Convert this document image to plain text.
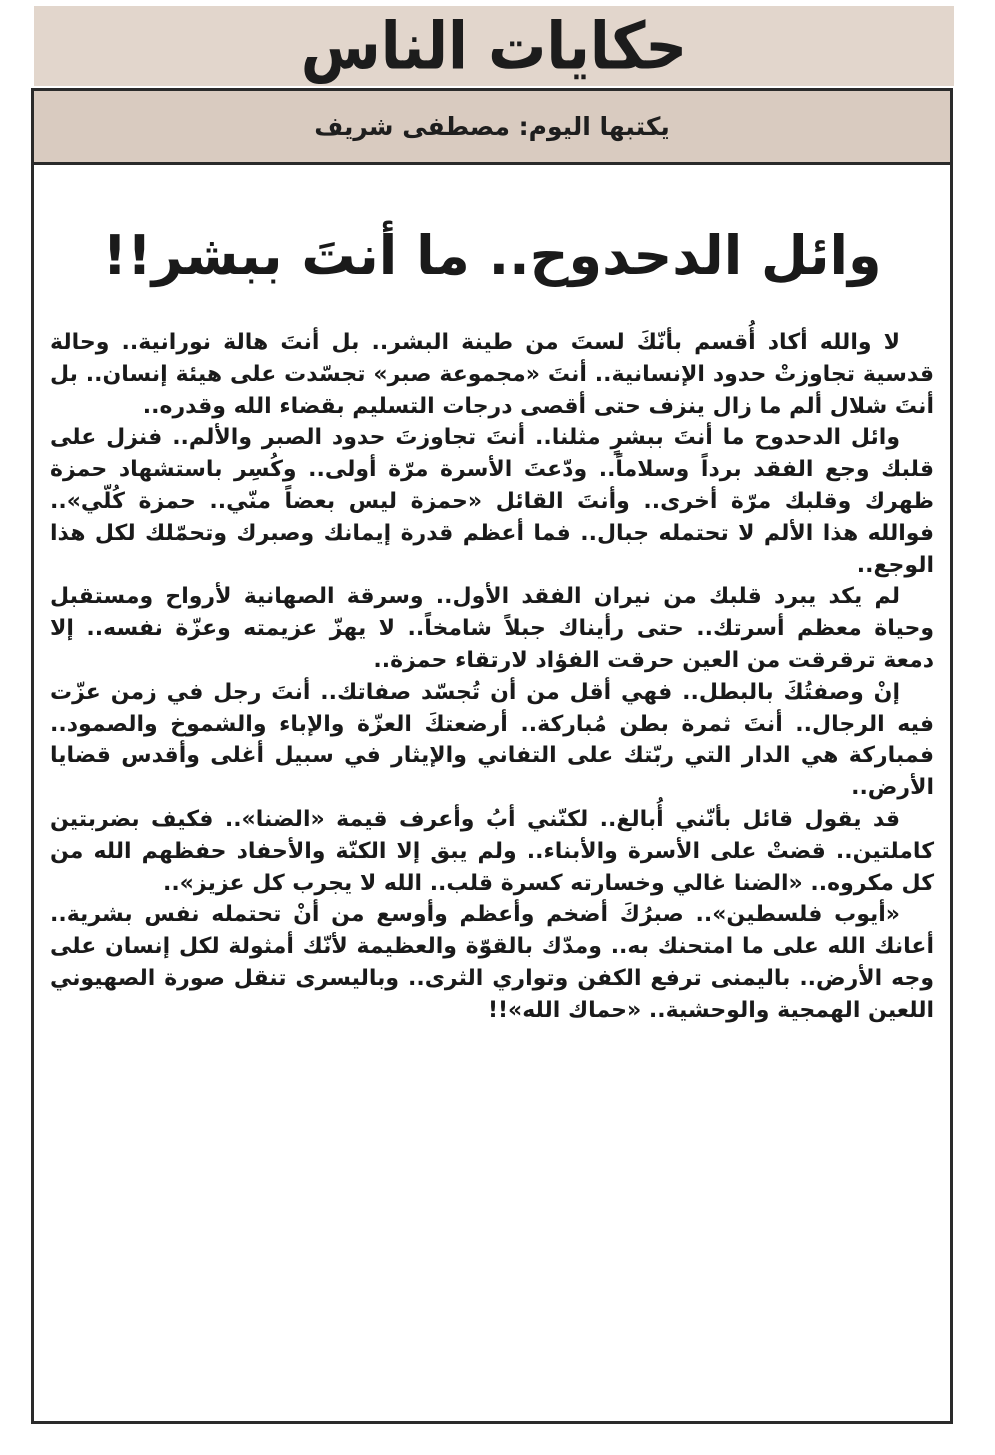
حكايات الناس
يكتبها اليوم: مصطفى شريف
وائل الدحدوح.. ما أنتَ ببشر!!

لا والله أكاد أُقسم بأنّكَ لستَ من طينة البشر.. بل أنتَ هالة نورانية.. وحالة قدسية تجاوزتْ حدود الإنسانية.. أنتَ «مجموعة صبر» تجسّدت على هيئة إنسان.. بل أنتَ شلال ألم ما زال ينزف حتى أقصى درجات التسليم بقضاء الله وقدره..

وائل الدحدوح ما أنتَ ببشرٍ مثلنا.. أنتَ تجاوزتَ حدود الصبر والألم.. فنزل على قلبك وجع الفقد برداً وسلاماً.. ودّعتَ الأسرة مرّة أولى.. وكُسِر باستشهاد حمزة ظهرك وقلبك مرّة أخرى.. وأنتَ القائل «حمزة ليس بعضاً منّي.. حمزة كُلّي».. فوالله هذا الألم لا تحتمله جبال.. فما أعظم قدرة إيمانك وصبرك وتحمّلك لكل هذا الوجع..

لم يكد يبرد قلبك من نيران الفقد الأول.. وسرقة الصهانية لأرواح ومستقبل وحياة معظم أسرتك.. حتى رأيناك جبلاً شامخاً.. لا يهزّ عزيمته وعزّة نفسه.. إلا دمعة ترقرقت من العين حرقت الفؤاد لارتقاء حمزة..

إنْ وصفتُكَ بالبطل.. فهي أقل من أن تُجسّد صفاتك.. أنتَ رجل في زمن عزّت فيه الرجال.. أنتَ ثمرة بطن مُباركة.. أرضعتكَ العزّة والإباء والشموخ والصمود.. فمباركة هي الدار التي ربّتك على التفاني والإيثار في سبيل أغلى وأقدس قضايا الأرض..

قد يقول قائل بأنّني أُبالغ.. لكنّني أبُ وأعرف قيمة «الضنا».. فكيف بضربتين كاملتين.. قضتْ على الأسرة والأبناء.. ولم يبق إلا الكنّة والأحفاد حفظهم الله من كل مكروه.. «الضنا غالي وخسارته كسرة قلب.. الله لا يجرب كل عزيز»..

«أيوب فلسطين».. صبرُكَ أضخم وأعظم وأوسع من أنْ تحتمله نفس بشرية.. أعانك الله على ما امتحنك به.. ومدّك بالقوّة والعظيمة لأنّك أمثولة لكل إنسان على وجه الأرض.. باليمنى ترفع الكفن وتواري الثرى.. وباليسرى تنقل صورة الصهيوني اللعين الهمجية والوحشية.. «حماك الله»!!
